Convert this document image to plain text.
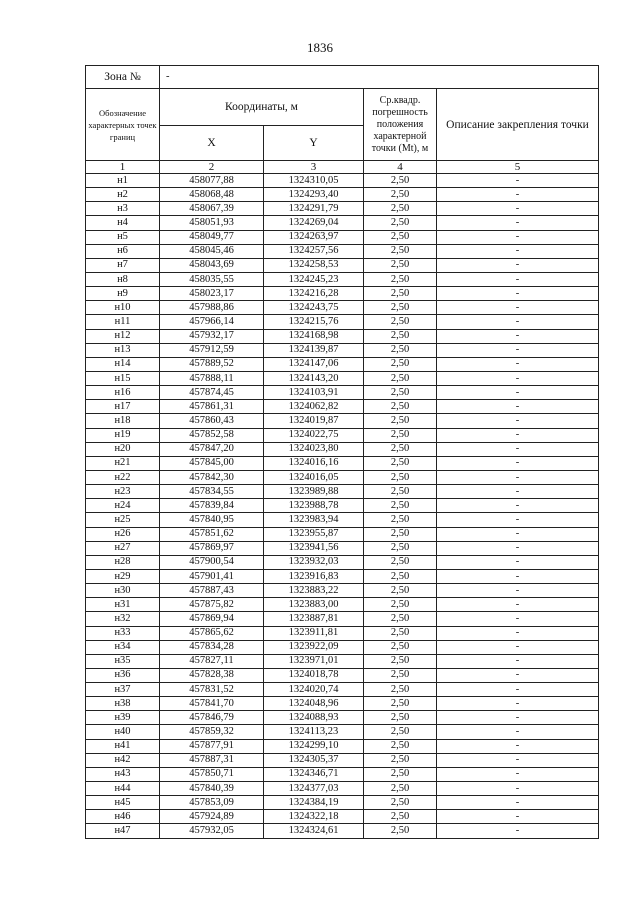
1836
Зона №	-			
Обозначение характерных точек границ	Координаты, м		Ср.квадр. погрешность положения характерной точки (Mt), м	Описание закрепления точки
	X	Y		
1	2	3	4	5
н1	458077,88	1324310,05	2,50	-
н2	458068,48	1324293,40	2,50	-
н3	458067,39	1324291,79	2,50	-
н4	458051,93	1324269,04	2,50	-
н5	458049,77	1324263,97	2,50	-
н6	458045,46	1324257,56	2,50	-
н7	458043,69	1324258,53	2,50	-
н8	458035,55	1324245,23	2,50	-
н9	458023,17	1324216,28	2,50	-
н10	457988,86	1324243,75	2,50	-
н11	457966,14	1324215,76	2,50	-
н12	457932,17	1324168,98	2,50	-
н13	457912,59	1324139,87	2,50	-
н14	457889,52	1324147,06	2,50	-
н15	457888,11	1324143,20	2,50	-
н16	457874,45	1324103,91	2,50	-
н17	457861,31	1324062,82	2,50	-
н18	457860,43	1324019,87	2,50	-
н19	457852,58	1324022,75	2,50	-
н20	457847,20	1324023,80	2,50	-
н21	457845,00	1324016,16	2,50	-
н22	457842,30	1324016,05	2,50	-
н23	457834,55	1323989,88	2,50	-
н24	457839,84	1323988,78	2,50	-
н25	457840,95	1323983,94	2,50	-
н26	457851,62	1323955,87	2,50	-
н27	457869,97	1323941,56	2,50	-
н28	457900,54	1323932,03	2,50	-
н29	457901,41	1323916,83	2,50	-
н30	457887,43	1323883,22	2,50	-
н31	457875,82	1323883,00	2,50	-
н32	457869,94	1323887,81	2,50	-
н33	457865,62	1323911,81	2,50	-
н34	457834,28	1323922,09	2,50	-
н35	457827,11	1323971,01	2,50	-
н36	457828,38	1324018,78	2,50	-
н37	457831,52	1324020,74	2,50	-
н38	457841,70	1324048,96	2,50	-
н39	457846,79	1324088,93	2,50	-
н40	457859,32	1324113,23	2,50	-
н41	457877,91	1324299,10	2,50	-
н42	457887,31	1324305,37	2,50	-
н43	457850,71	1324346,71	2,50	-
н44	457840,39	1324377,03	2,50	-
н45	457853,09	1324384,19	2,50	-
н46	457924,89	1324322,18	2,50	-
н47	457932,05	1324324,61	2,50	-
